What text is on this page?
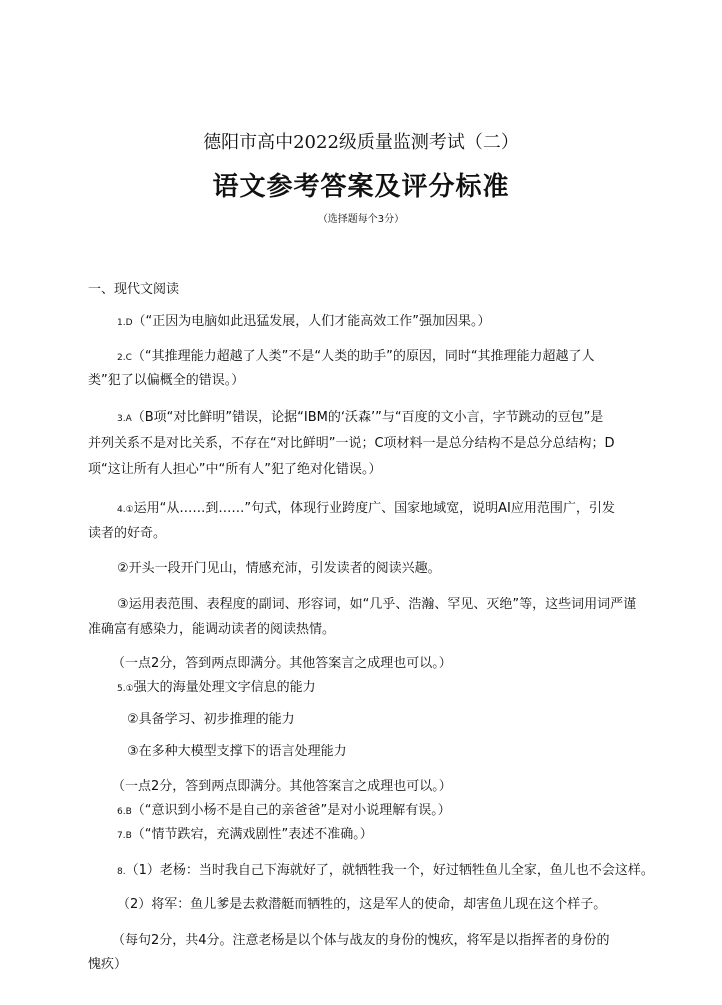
德阳市高中2022级质量监测考试（二）
语文参考答案及评分标准
（选择题每个3分）
一、现代文阅读
1.D（“正因为电脑如此迅猛发展，人们才能高效工作”强加因果。）
2.C（“其推理能力超越了人类”不是“人类的助手”的原因，同时“其推理能力超越了人
类”犯了以偏概全的错误。）
3.A（B项“对比鲜明”错误，论据“IBM的‘沃森’”与“百度的文小言，字节跳动的豆包”是
并列关系不是对比关系，不存在“对比鲜明”一说；C项材料一是总分结构不是总分总结构；D
项“这让所有人担心”中“所有人”犯了绝对化错误。）
4.①运用“从……到……”句式，体现行业跨度广、国家地域宽，说明AI应用范围广，引发
读者的好奇。
②开头一段开门见山，情感充沛，引发读者的阅读兴趣。
③运用表范围、表程度的副词、形容词，如“几乎、浩瀚、罕见、灭绝”等，这些词用词严谨
准确富有感染力，能调动读者的阅读热情。
（一点2分，答到两点即满分。其他答案言之成理也可以。）
5.①强大的海量处理文字信息的能力
②具备学习、初步推理的能力
③在多种大模型支撑下的语言处理能力
（一点2分，答到两点即满分。其他答案言之成理也可以。）
6.B（“意识到小杨不是自己的亲爸爸”是对小说理解有误。）
7.B（“情节跌宕，充满戏剧性”表述不准确。）
8.（1）老杨：当时我自己下海就好了，就牺牲我一个，好过牺牲鱼儿全家，鱼儿也不会这样。
（2）将军：鱼儿爹是去救潜艇而牺牲的，这是军人的使命，却害鱼儿现在这个样子。
（每句2分，共4分。注意老杨是以个体与战友的身份的愧疚，将军是以指挥者的身份的
愧疚）
